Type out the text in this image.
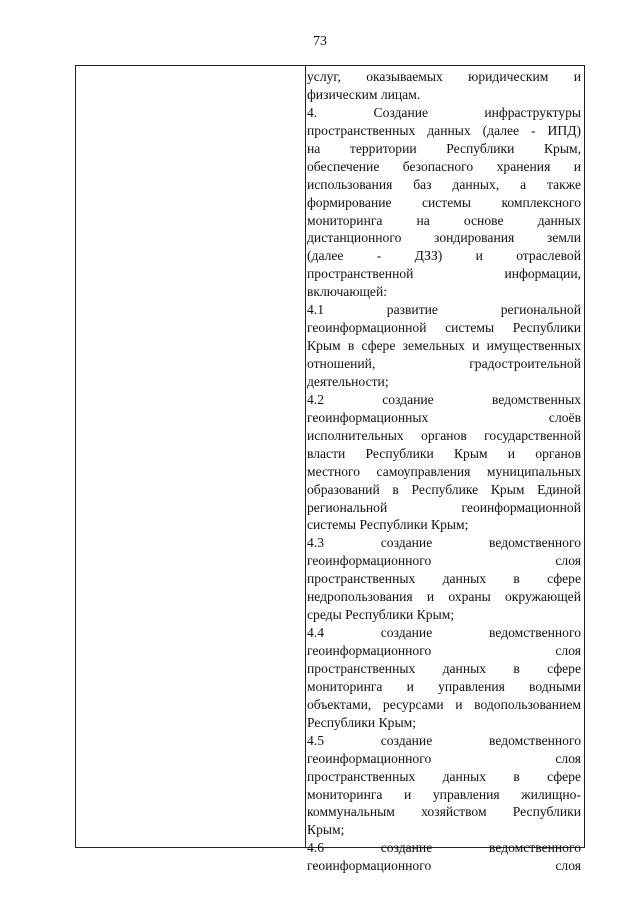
73
услуг, оказываемых юридическим и
физическим лицам.
4. Создание инфраструктуры
пространственных данных (далее - ИПД)
на территории Республики Крым,
обеспечение безопасного хранения и
использования баз данных, а также
формирование системы комплексного
мониторинга на основе данных
дистанционного зондирования земли
(далее - ДЗЗ) и отраслевой
пространственной информации,
включающей:
4.1 развитие региональной
геоинформационной системы Республики
Крым в сфере земельных и имущественных
отношений, градостроительной
деятельности;
4.2 создание ведомственных
геоинформационных слоёв
исполнительных органов государственной
власти Республики Крым и органов
местного самоуправления муниципальных
образований в Республике Крым Единой
региональной геоинформационной
системы Республики Крым;
4.3 создание ведомственного
геоинформационного слоя
пространственных данных в сфере
недропользования и охраны окружающей
среды Республики Крым;
4.4 создание ведомственного
геоинформационного слоя
пространственных данных в сфере
мониторинга и управления водными
объектами, ресурсами и водопользованием
Республики Крым;
4.5 создание ведомственного
геоинформационного слоя
пространственных данных в сфере
мониторинга и управления жилищно-
коммунальным хозяйством Республики
Крым;
4.6 создание ведомственного
геоинформационного слоя
